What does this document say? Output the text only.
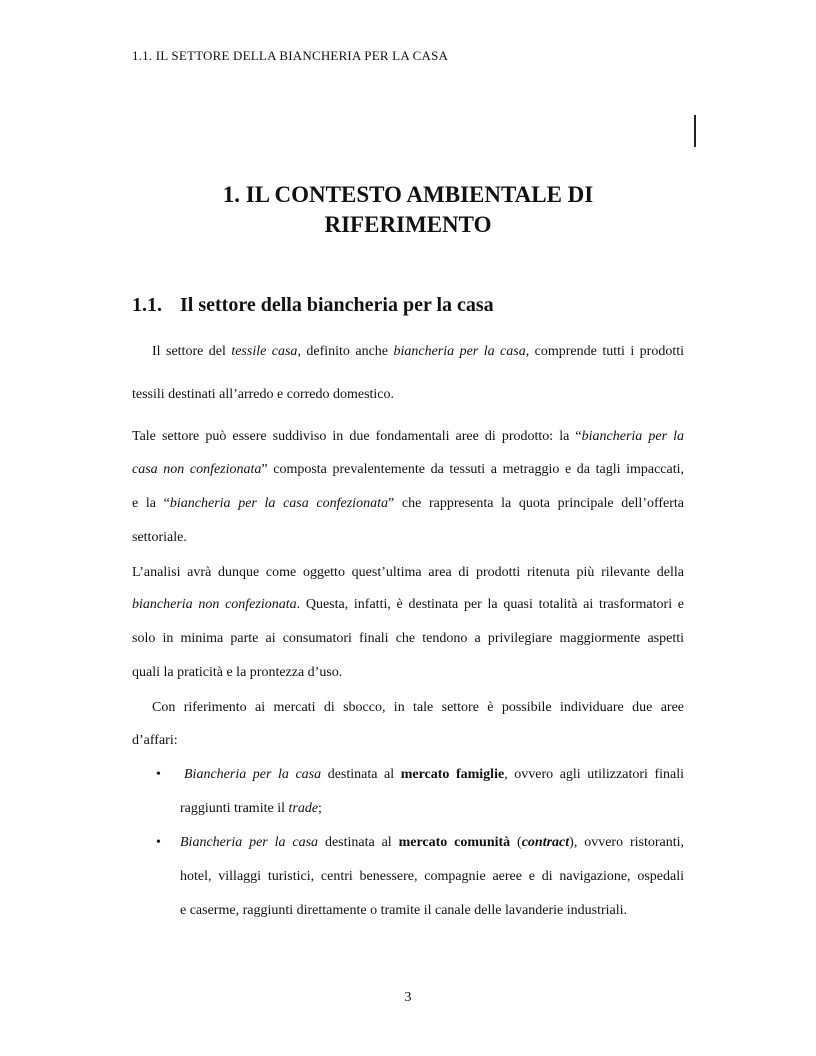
1.1. IL SETTORE DELLA BIANCHERIA PER LA CASA
1. IL CONTESTO AMBIENTALE DI
RIFERIMENTO
1.1. Il settore della biancheria per la casa
Il settore del tessile casa, definito anche biancheria per la casa, comprende tutti i prodotti
tessili destinati all’arredo e corredo domestico.
Tale settore può essere suddiviso in due fondamentali aree di prodotto: la “biancheria per la
casa non confezionata” composta prevalentemente da tessuti a metraggio e da tagli impaccati,
e la “biancheria per la casa confezionata” che rappresenta la quota principale dell’offerta
settoriale.
L’analisi avrà dunque come oggetto quest’ultima area di prodotti ritenuta più rilevante della
biancheria non confezionata. Questa, infatti, è destinata per la quasi totalità ai trasformatori e
solo in minima parte ai consumatori finali che tendono a privilegiare maggiormente aspetti
quali la praticità e la prontezza d’uso.
Con riferimento ai mercati di sbocco, in tale settore è possibile individuare due aree
d’affari:
• Biancheria per la casa destinata al mercato famiglie, ovvero agli utilizzatori finali
raggiunti tramite il trade;
• Biancheria per la casa destinata al mercato comunità (contract), ovvero ristoranti,
hotel, villaggi turistici, centri benessere, compagnie aeree e di navigazione, ospedali
e caserme, raggiunti direttamente o tramite il canale delle lavanderie industriali.
3
